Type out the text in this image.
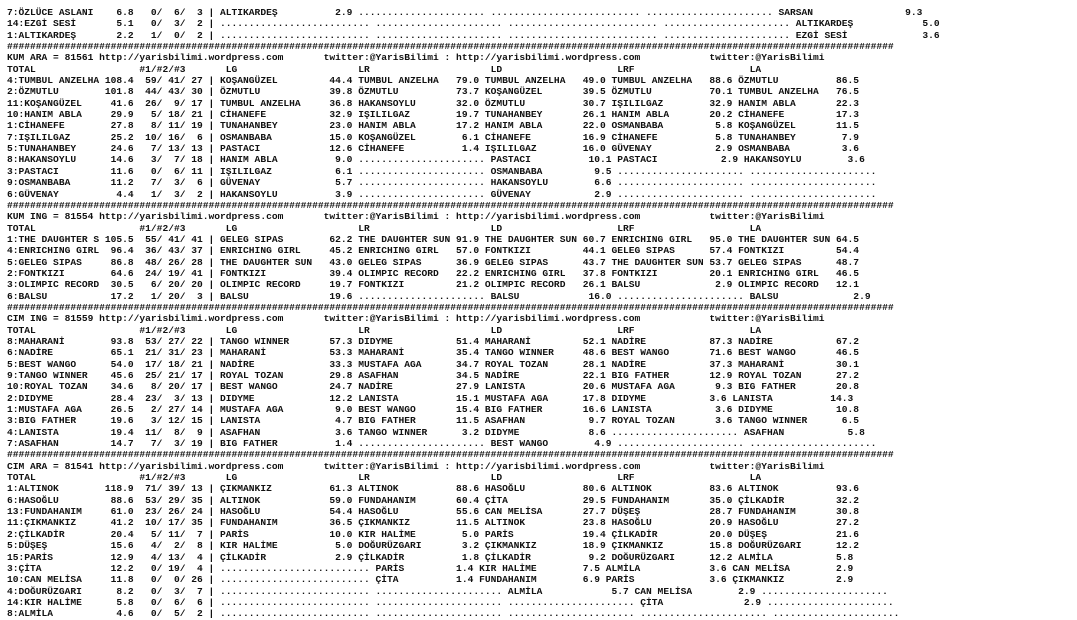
7:ÖZLÜCE ASLANI    6.8   0/  6/  3 | ALTIKARDEŞ          2.9 ...................... .......................... ...................... SARSAN                9.3
14:EZGİ SESİ       5.1   0/  3/  2 | .......................... ...................... .......................... ...................... ALTIKARDEŞ            5.0
1:ALTIKARDEŞ       2.2   1/  0/  2 | .......................... ...................... .......................... ...................... EZGİ SESİ             3.6
##########################################################################################################################################################
KUM ARA = 81561 http://yarisbilimi.wordpress.com       twitter:@YarisBilimi : http://yarisbilimi.wordpress.com            twitter:@YarisBilimi
TOTAL                  #1/#2/#3       LG                     LR                     LD                    LRF                    LA
4:TUMBUL ANZELHA 108.4  59/ 41/ 27 | KOŞANGÜZEL         44.4 TUMBUL ANZELHA   79.0 TUMBUL ANZELHA   49.0 TUMBUL ANZELHA   88.6 ÖZMUTLU          86.5
2:ÖZMUTLU        101.8  44/ 43/ 30 | ÖZMUTLU            39.8 ÖZMUTLU          73.7 KOŞANGÜZEL       39.5 ÖZMUTLU          70.1 TUMBUL ANZELHA   76.5
11:KOŞANGÜZEL     41.6  26/  9/ 17 | TUMBUL ANZELHA     36.8 HAKANSOYLU       32.0 ÖZMUTLU          30.7 IŞILILGAZ        32.9 HANIM ABLA       22.3
10:HANIM ABLA     29.9   5/ 18/ 21 | CİHANEFE           32.9 IŞILILGAZ        19.7 TUNAHANBEY       26.1 HANIM ABLA       20.2 CİHANEFE         17.3
1:CİHANEFE        27.8   8/ 11/ 19 | TUNAHANBEY         23.0 HANIM ABLA       17.2 HANIM ABLA       22.0 OSMANBABA         5.8 KOŞANGÜZEL       11.5
7:IŞILILGAZ       25.2  10/ 16/  6 | OSMANBABA          15.0 KOŞANGÜZEL        6.1 CİHANEFE         16.9 CİHANEFE          5.8 TUNAHANBEY        7.9
5:TUNAHANBEY      24.6   7/ 13/ 13 | PASTACI            12.6 CİHANEFE          1.4 IŞILILGAZ        16.0 GÜVENAY           2.9 OSMANBABA         3.6
8:HAKANSOYLU      14.6   3/  7/ 18 | HANIM ABLA          9.0 ...................... PASTACI          10.1 PASTACI           2.9 HAKANSOYLU        3.6
3:PASTACI         11.6   0/  6/ 11 | IŞILILGAZ           6.1 ...................... OSMANBABA         9.5 ...................... ......................
9:OSMANBABA       11.2   7/  3/  6 | GÜVENAY             5.7 ...................... HAKANSOYLU        6.6 ...................... ......................
6:GÜVENAY          4.4   1/  3/  2 | HAKANSOYLU          3.9 ...................... GÜVENAY           2.9 ...................... ......................
##########################################################################################################################################################
KUM ING = 81554 http://yarisbilimi.wordpress.com       twitter:@YarisBilimi : http://yarisbilimi.wordpress.com            twitter:@YarisBilimi
TOTAL                  #1/#2/#3       LG                     LR                     LD                    LRF                    LA
1:THE DAUGHTER S 105.5  55/ 41/ 41 | GELEG SIPAS        62.2 THE DAUGHTER SUN 91.9 THE DAUGHTER SUN 60.7 ENRICHING GIRL   95.0 THE DAUGHTER SUN 64.5
4:ENRICHING GIRL  96.4  36/ 43/ 37 | ENRICHING GIRL     45.2 ENRICHING GIRL   57.0 FONTKIZI         44.1 GELEG SIPAS      57.4 FONTKIZI         54.4
5:GELEG SIPAS     86.8  48/ 26/ 28 | THE DAUGHTER SUN   43.0 GELEG SIPAS      36.9 GELEG SIPAS      43.7 THE DAUGHTER SUN 53.7 GELEG SIPAS      48.7
2:FONTKIZI        64.6  24/ 19/ 41 | FONTKIZI           39.4 OLIMPIC RECORD   22.2 ENRICHING GIRL   37.8 FONTKIZI         20.1 ENRICHING GIRL   46.5
3:OLIMPIC RECORD  30.5   6/ 20/ 20 | OLIMPIC RECORD     19.7 FONTKIZI         21.2 OLIMPIC RECORD   26.1 BALSU             2.9 OLIMPIC RECORD   12.1
6:BALSU           17.2   1/ 20/  3 | BALSU              19.6 ...................... BALSU            16.0 ...................... BALSU             2.9
##########################################################################################################################################################
CIM ING = 81559 http://yarisbilimi.wordpress.com       twitter:@YarisBilimi : http://yarisbilimi.wordpress.com            twitter:@YarisBilimi
TOTAL                  #1/#2/#3       LG                     LR                     LD                    LRF                    LA
8:MAHARANİ        93.8  53/ 27/ 22 | TANGO WINNER       57.3 DIDYME           51.4 MAHARANİ         52.1 NADİRE           87.3 NADİRE           67.2
6:NADİRE          65.1  21/ 31/ 23 | MAHARANİ           53.3 MAHARANİ         35.4 TANGO WINNER     48.6 BEST WANGO       71.6 BEST WANGO       46.5
5:BEST WANGO      54.0  17/ 18/ 21 | NADİRE             33.3 MUSTAFA AGA      34.7 ROYAL TOZAN      28.1 NADİRE           37.3 MAHARANİ         30.1
9:TANGO WINNER    45.6  25/ 21/ 17 | ROYAL TOZAN        29.8 ASAFHAN          34.5 NADİRE           22.1 BIG FATHER       12.9 ROYAL TOZAN      27.2
10:ROYAL TOZAN    34.6   8/ 20/ 17 | BEST WANGO         24.7 NADİRE           27.9 LANISTA          20.6 MUSTAFA AGA       9.3 BIG FATHER       20.8
2:DIDYME          28.4  23/  3/ 13 | DIDYME             12.2 LANISTA          15.1 MUSTAFA AGA      17.8 DIDYME           3.6 LANISTA          14.3
1:MUSTAFA AGA     26.5   2/ 27/ 14 | MUSTAFA AGA         9.0 BEST WANGO       15.4 BIG FATHER       16.6 LANISTA           3.6 DIDYME           10.8
3:BIG FATHER      19.6   3/ 12/ 15 | LANISTA             4.7 BIG FATHER       11.5 ASAFHAN           9.7 ROYAL TOZAN       3.6 TANGO WINNER      6.5
4:LANISTA         19.4  11/  8/  9 | ASAFHAN             3.6 TANGO WINNER      3.2 DIDYME            8.6 ...................... ASAFHAN           5.8
7:ASAFHAN         14.7   7/  3/ 19 | BIG FATHER          1.4 ...................... BEST WANGO        4.9 ...................... ......................
##########################################################################################################################################################
CIM ARA = 81541 http://yarisbilimi.wordpress.com       twitter:@YarisBilimi : http://yarisbilimi.wordpress.com            twitter:@YarisBilimi
TOTAL                  #1/#2/#3       LG                     LR                     LD                    LRF                    LA
1:ALTINOK        118.9  71/ 39/ 13 | ÇIKMANKIZ          61.3 ALTINOK          88.6 HASOĞLU          80.6 ALTINOK          83.6 ALTINOK          93.6
6:HASOĞLU         88.6  53/ 29/ 35 | ALTINOK            59.0 FUNDAHANIM       60.4 ÇİTA             29.5 FUNDAHANIM       35.0 ÇİLKADİR         32.2
13:FUNDAHANIM     61.0  23/ 26/ 24 | HASOĞLU            54.4 HASOĞLU          55.6 CAN MELİSA       27.7 DÜŞEŞ            28.7 FUNDAHANIM       30.8
11:ÇIKMANKIZ      41.2  10/ 17/ 35 | FUNDAHANIM         36.5 ÇIKMANKIZ        11.5 ALTINOK          23.8 HASOĞLU          20.9 HASOĞLU          27.2
2:ÇİLKADİR        20.4   5/ 11/  7 | PARİS              10.0 KIR HALİME        5.0 PARİS            19.4 ÇİLKADİR         20.0 DÜŞEŞ            21.6
5:DÜŞEŞ           15.6   4/  2/  8 | KIR HALİME          5.0 DOĞURÜZGARI       3.2 ÇIKMANKIZ        18.9 ÇIKMANKIZ        15.8 DOĞURÜZGARI      12.2
15:PARİS          12.9   4/ 13/  4 | ÇİLKADİR            2.9 ÇİLKADİR          1.8 ÇİLKADİR          9.2 DOĞURÜZGARI      12.2 ALMİLA           5.8
3:ÇİTA            12.2   0/ 19/  4 | .......................... PARİS         1.4 KIR HALİME        7.5 ALMİLA            3.6 CAN MELİSA        2.9
10:CAN MELİSA     11.8   0/  0/ 26 | .......................... ÇİTA          1.4 FUNDAHANIM        6.9 PARİS             3.6 ÇIKMANKIZ         2.9
4:DOĞURÜZGARI      8.2   0/  3/  7 | .......................... ...................... ALMİLA            5.7 CAN MELİSA        2.9 ......................
14:KIR HALİME      5.8   0/  6/  6 | .......................... ...................... ...................... ÇİTA              2.9 ......................
8:ALMİLA           4.6   0/  5/  2 | .......................... ...................... ...................... ...................... ......................
